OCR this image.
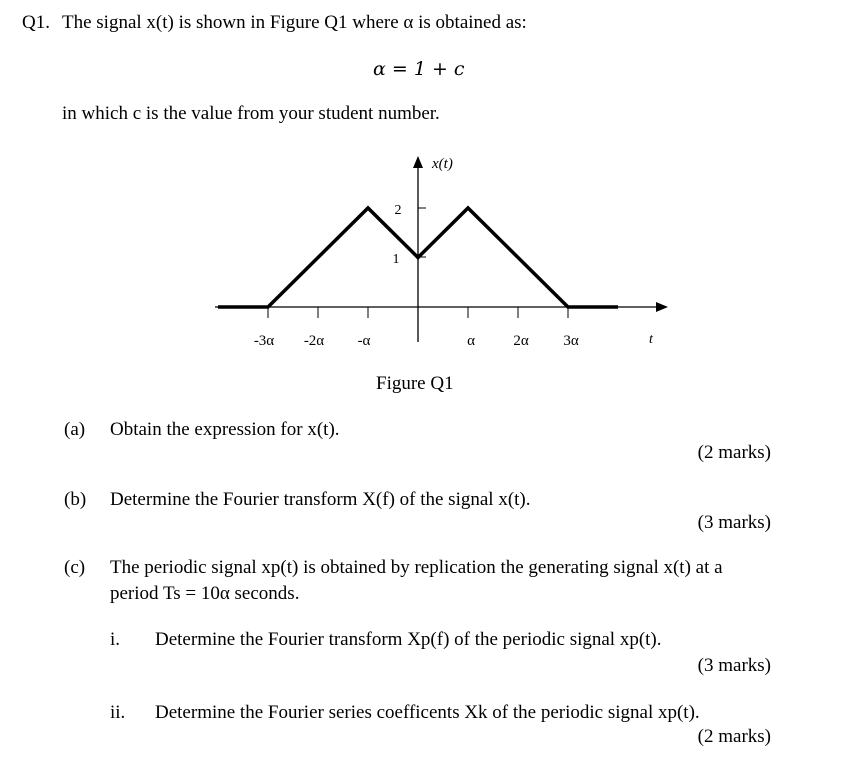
Q1. The signal x(t) is shown in Figure Q1 where α is obtained as:
α = 1 + c
in which c is the value from your student number.
2
1
x(t)
t
-3α -2α -α	α	2α 3α
Figure Q1
(a) Obtain the expression for x(t).
(2 marks)
(b) Determine the Fourier transform X(f) of the signal x(t).
(3 marks)
(c) The periodic signal xp(t) is obtained by replication the generating signal x(t) at a
period Ts = 10α seconds.
i. Determine the Fourier transform Xp(f) of the periodic signal xp(t).
(3 marks)
ii. Determine the Fourier series coefficents Xk of the periodic signal xp(t).
(2 marks)
